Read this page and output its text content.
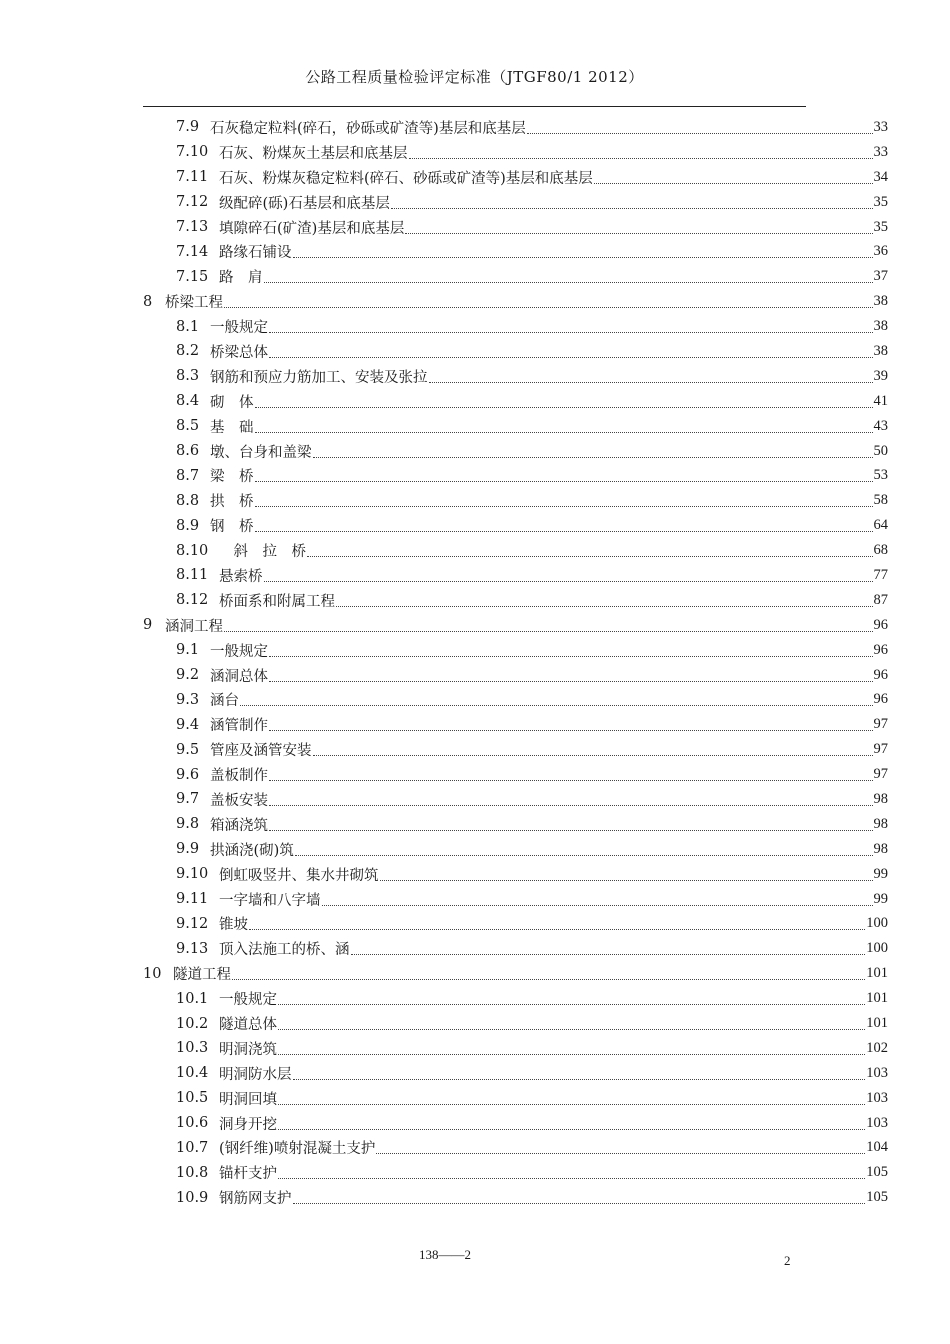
公路工程质量检验评定标准（JTGF80/1 2012）
7.9 石灰稳定粒料(碎石，砂砾或矿渣等)基层和底基层	33
7.10 石灰、粉煤灰土基层和底基层	33
7.11 石灰、粉煤灰稳定粒料(碎石、砂砾或矿渣等)基层和底基层	34
7.12 级配碎(砾)石基层和底基层	35
7.13 填隙碎石(矿渣)基层和底基层	35
7.14 路缘石铺设	36
7.15 路　肩	37
8 桥梁工程	38
8.1 一般规定	38
8.2 桥梁总体	38
8.3 钢筋和预应力筋加工、安装及张拉	39
8.4 砌　体	41
8.5 基　础	43
8.6 墩、台身和盖梁	50
8.7 梁　桥	53
8.8 拱　桥	58
8.9 钢　桥	64
8.10 　斜　拉　桥	68
8.11 悬索桥	77
8.12 桥面系和附属工程	87
9 涵洞工程	96
9.1 一般规定	96
9.2 涵洞总体	96
9.3 涵台	96
9.4 涵管制作	97
9.5 管座及涵管安装	97
9.6 盖板制作	97
9.7 盖板安装	98
9.8 箱涵浇筑	98
9.9 拱涵浇(砌)筑	98
9.10 倒虹吸竖井、集水井砌筑	99
9.11 一字墙和八字墙	99
9.12 锥坡	100
9.13 顶入法施工的桥、涵	100
10 隧道工程	101
10.1 一般规定	101
10.2 隧道总体	101
10.3 明洞浇筑	102
10.4 明洞防水层	103
10.5 明洞回填	103
10.6 洞身开挖	103
10.7 (钢纤维)喷射混凝土支护	104
10.8 锚杆支护	105
10.9 钢筋网支护	105
138——2	2
